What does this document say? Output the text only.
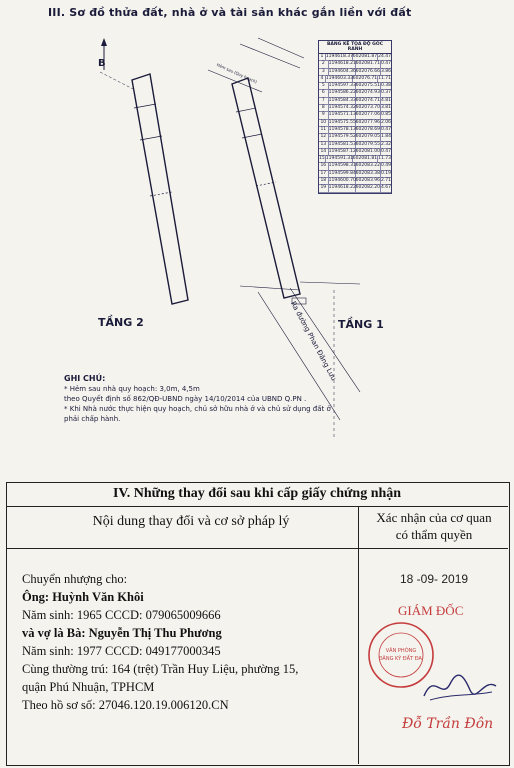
III. Sơ đồ thửa đất, nhà ở và tài sản khác gắn liền với đất
B
TẦNG 2	TẦNG 1
Ra đường Phan Đăng Lưu
Hẻm sau (Quy hoạch)
BẢNG KÊ TỌA ĐỘ GÓC RANH
1 1194618.37 602081.87 24.47
2 1194618.21 602081.71 0.47
3 1194604.36 602076.66 3.86
4 1194603.33 602076.71 11.71
5 1194597.33 602075.51 0.38
6 1194586.22 602074.93 0.37
7 1194584.33 602074.71 4.81
8 1194574.32 602073.70 3.81
9 1194571.13 602077.06 0.85
10 1194575.55 602077.96 2.06
11 1194578.13 602078.69 0.47
12 1194579.52 602079.05 1.84
13 1194581.53 602079.55 2.32
14 1194587.12 602081.00 0.47
15 1194591.31 602081.81 11.73
16 1194598.31 602083.22 0.49
17 1194599.84 602083.38 0.19
18 1194600.70 602083.96 2.71
19 1194618.22 602082.20 4.67
GHI CHÚ:
* Hẻm sau nhà quy hoạch: 3,0m, 4,5m
theo Quyết định số 862/QĐ-UBND ngày 14/10/2014 của UBND Q.PN .
* Khi Nhà nước thực hiện quy hoạch, chủ sở hữu nhà ở và chủ sử dụng đất ở
phải chấp hành.
IV. Những thay đổi sau khi cấp giấy chứng nhận
Nội dung thay đổi và cơ sở pháp lý	Xác nhận của cơ quan
có thẩm quyền
Chuyển nhượng cho:
Ông: Huỳnh Văn Khôi
Năm sinh: 1965 CCCD: 079065009666
và vợ là Bà: Nguyễn Thị Thu Phương
Năm sinh: 1977 CCCD: 049177000345
Cùng thường trú: 164 (trệt) Trần Huy Liệu, phường 15,
quận Phú Nhuận, TPHCM
Theo hồ sơ số: 27046.120.19.006120.CN
18 -09- 2019
GIÁM ĐỐC
VĂN PHÒNG
ĐĂNG KÝ ĐẤT ĐAI
Đỗ Trần Đôn
